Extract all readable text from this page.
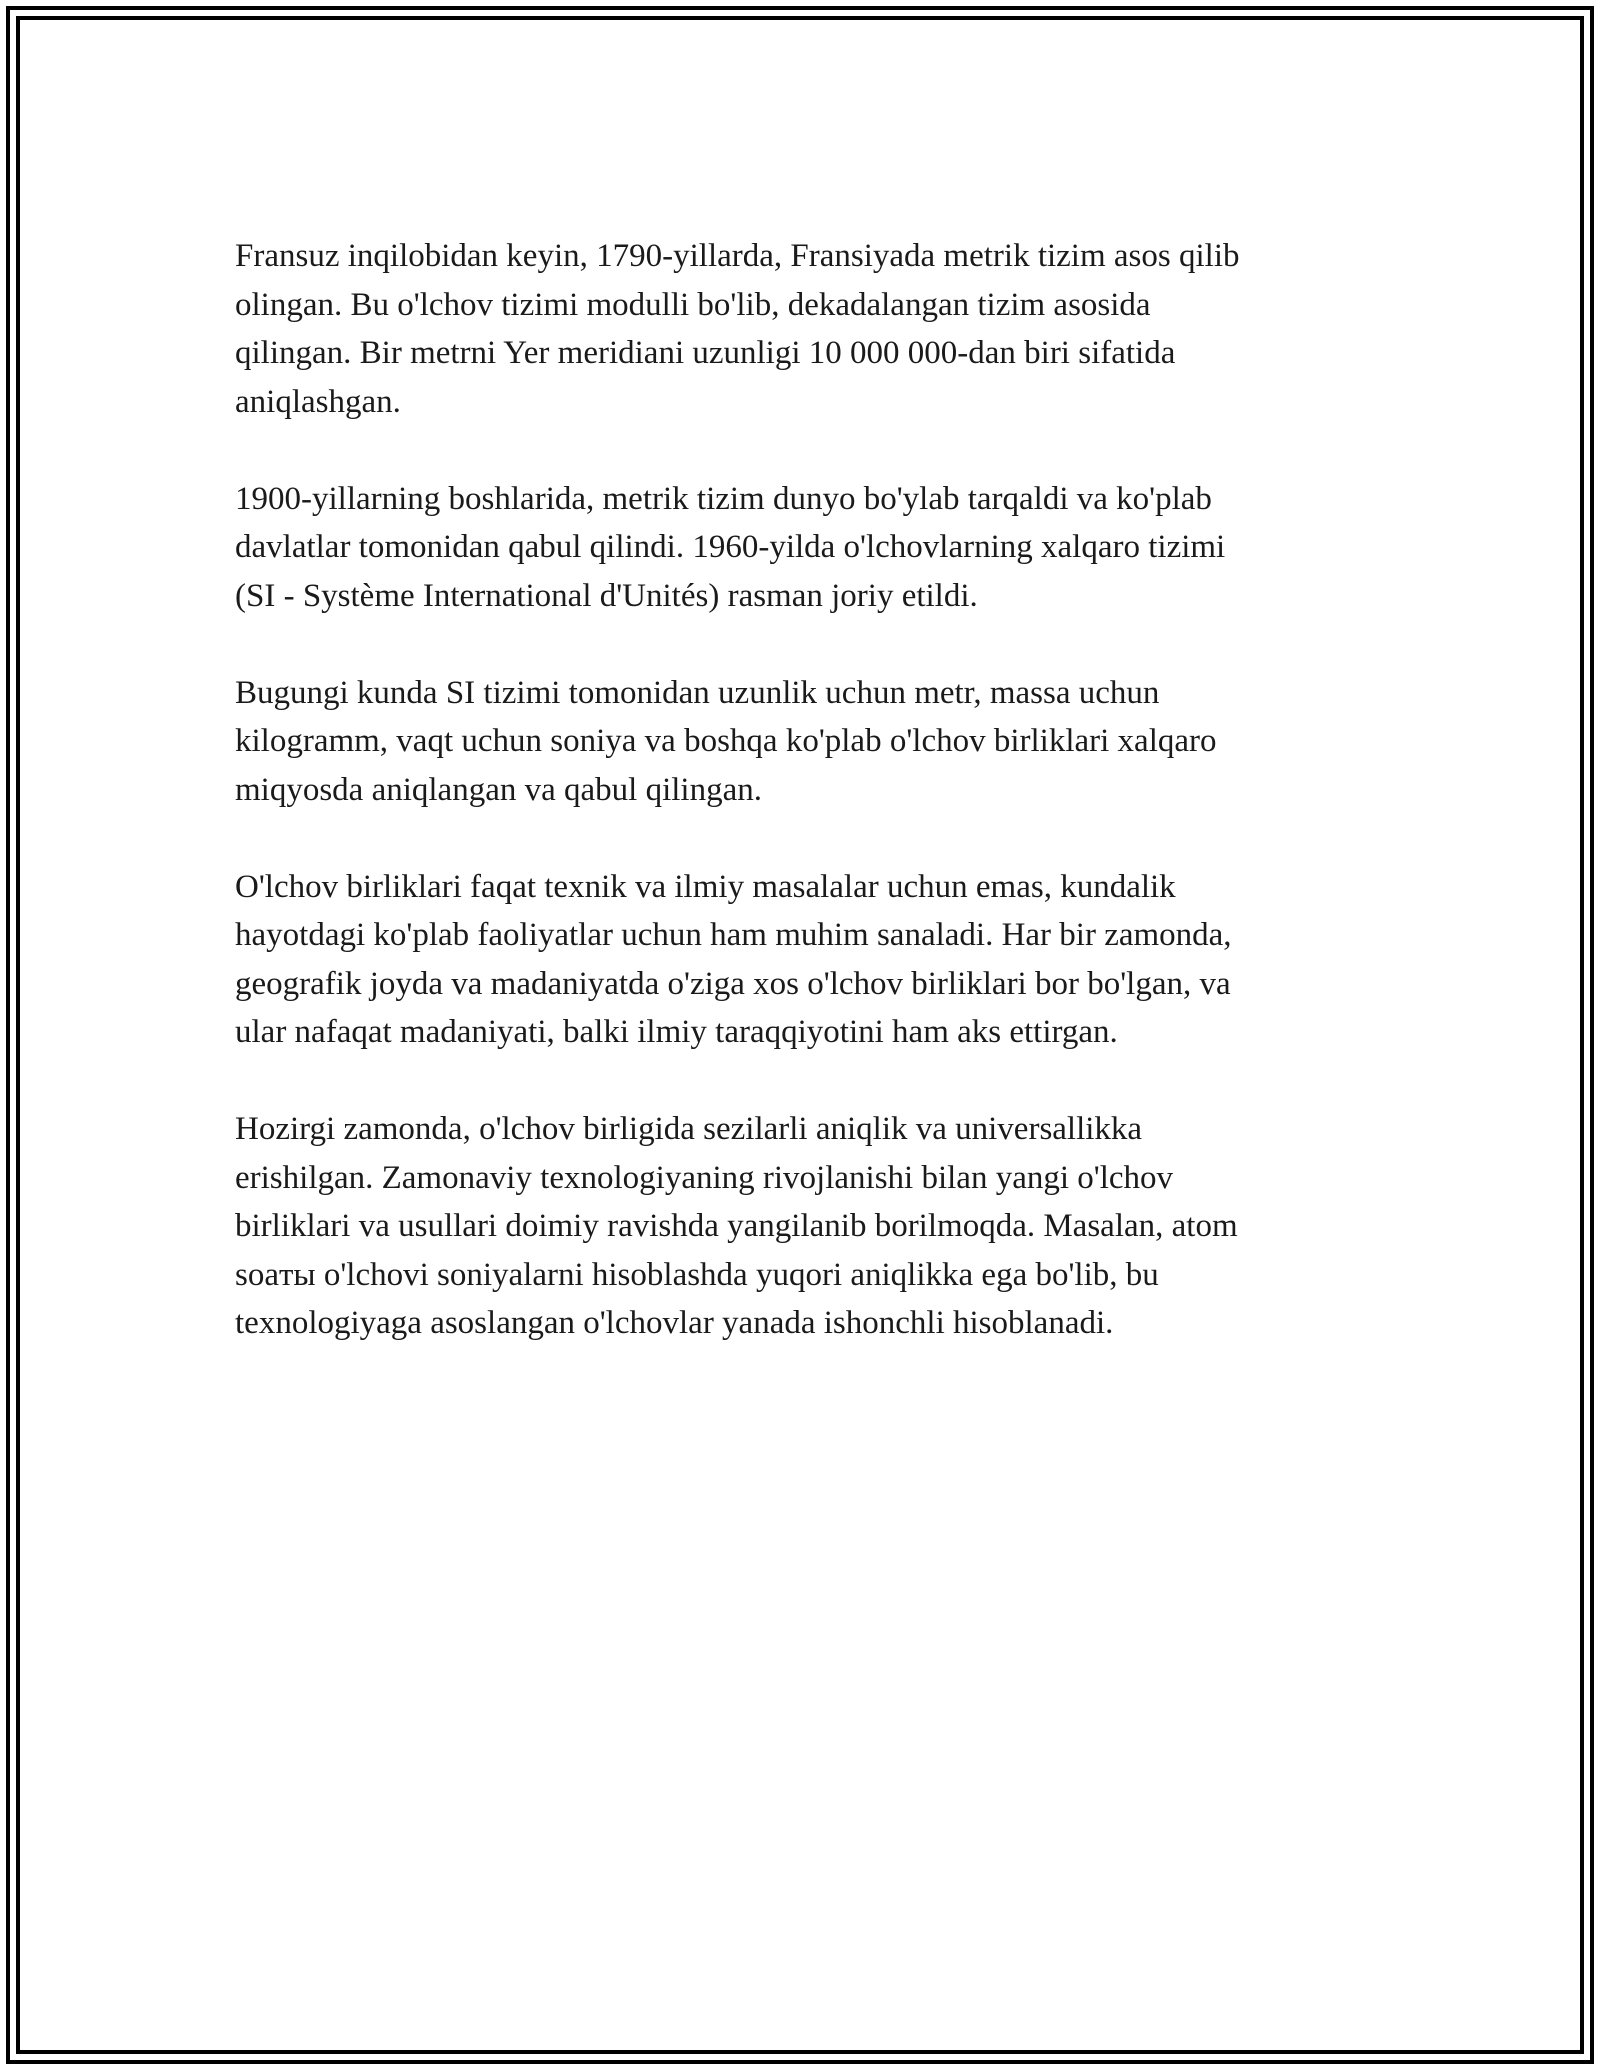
Fransuz inqilobidan keyin, 1790-yillarda, Fransiyada metrik tizim asos qilib
olingan. Bu o'lchov tizimi modulli bo'lib, dekadalangan tizim asosida
qilingan. Bir metrni Yer meridiani uzunligi 10 000 000-dan biri sifatida
aniqlashgan.

1900-yillarning boshlarida, metrik tizim dunyo bo'ylab tarqaldi va ko'plab
davlatlar tomonidan qabul qilindi. 1960-yilda o'lchovlarning xalqaro tizimi
(SI - Système International d'Unités) rasman joriy etildi.

Bugungi kunda SI tizimi tomonidan uzunlik uchun metr, massa uchun
kilogramm, vaqt uchun soniya va boshqa ko'plab o'lchov birliklari xalqaro
miqyosda aniqlangan va qabul qilingan.

O'lchov birliklari faqat texnik va ilmiy masalalar uchun emas, kundalik
hayotdagi ko'plab faoliyatlar uchun ham muhim sanaladi. Har bir zamonda,
geografik joyda va madaniyatda o'ziga xos o'lchov birliklari bor bo'lgan, va
ular nafaqat madaniyati, balki ilmiy taraqqiyotini ham aks ettirgan.

Hozirgi zamonda, o'lchov birligida sezilarli aniqlik va universallikka
erishilgan. Zamonaviy texnologiyaning rivojlanishi bilan yangi o'lchov
birliklari va usullari doimiy ravishda yangilanib borilmoqda. Masalan, atom
soaты o'lchovi soniyalarni hisoblashda yuqori aniqlikka ega bo'lib, bu
texnologiyaga asoslangan o'lchovlar yanada ishonchli hisoblanadi.
